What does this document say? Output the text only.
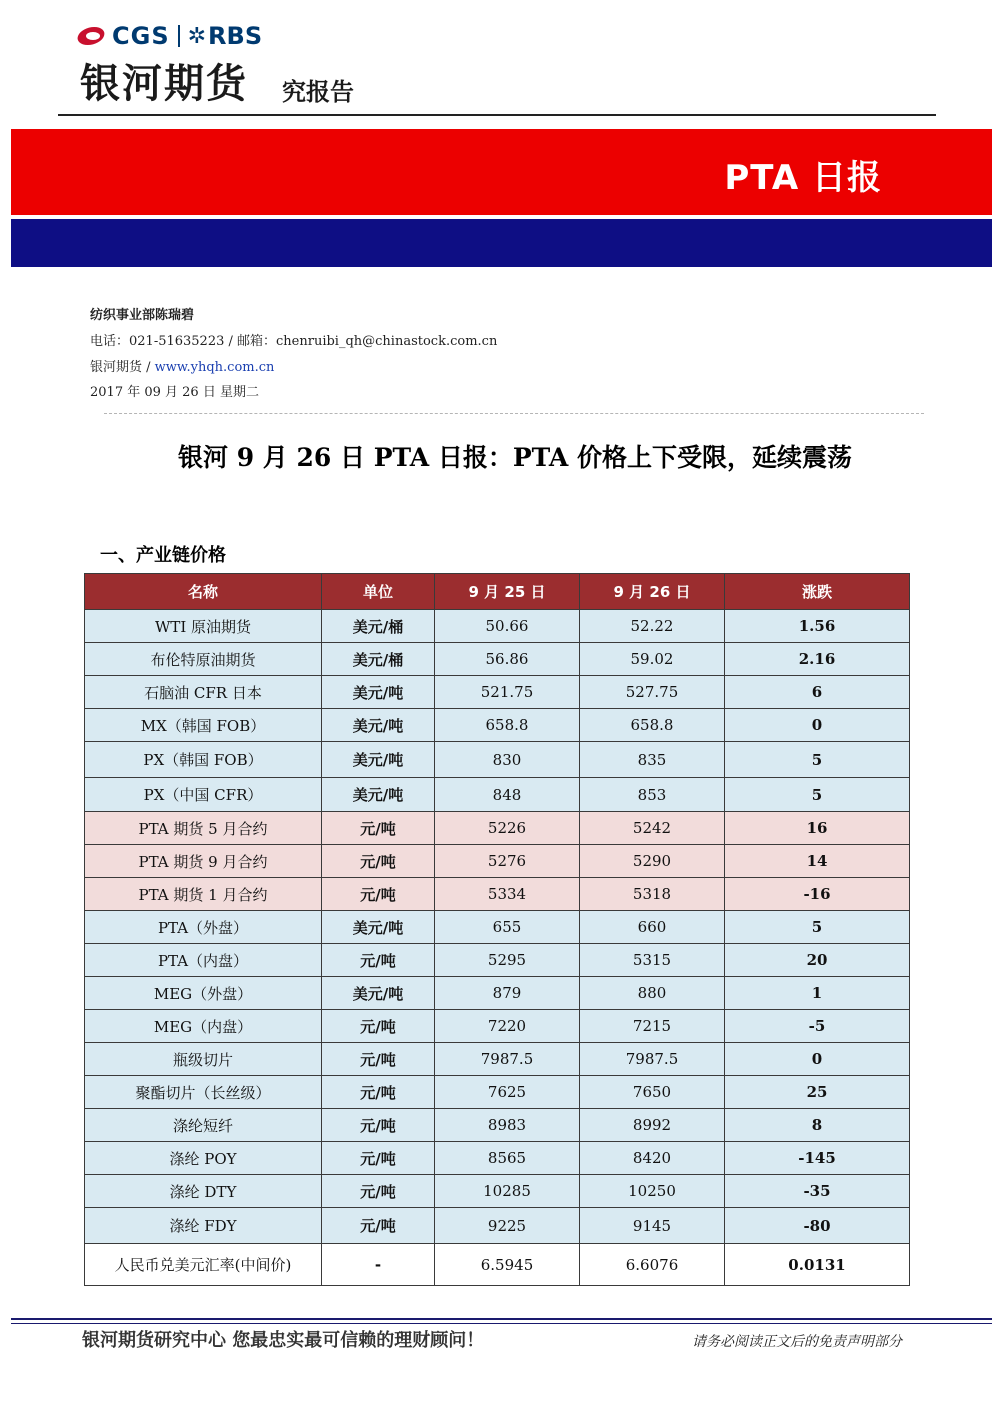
CGS ✲ RBS
银河期货 究报告
PTA 日报
纺织事业部陈瑞碧
电话：021-51635223 / 邮箱：chenruibi_qh@chinastock.com.cn
银河期货 / www.yhqh.com.cn
2017 年 09 月 26 日 星期二
银河 9 月 26 日 PTA 日报：PTA 价格上下受限，延续震荡
一、产业链价格
名称	单位	9 月 25 日	9 月 26 日	涨跌
WTI 原油期货	美元/桶	50.66	52.22	1.56
布伦特原油期货	美元/桶	56.86	59.02	2.16
石脑油 CFR 日本	美元/吨	521.75	527.75	6
MX（韩国 FOB）	美元/吨	658.8	658.8	0
PX（韩国 FOB）	美元/吨	830	835	5
PX（中国 CFR）	美元/吨	848	853	5
PTA 期货 5 月合约	元/吨	5226	5242	16
PTA 期货 9 月合约	元/吨	5276	5290	14
PTA 期货 1 月合约	元/吨	5334	5318	-16
PTA（外盘）	美元/吨	655	660	5
PTA（内盘）	元/吨	5295	5315	20
MEG（外盘）	美元/吨	879	880	1
MEG（内盘）	元/吨	7220	7215	-5
瓶级切片	元/吨	7987.5	7987.5	0
聚酯切片（长丝级）	元/吨	7625	7650	25
涤纶短纤	元/吨	8983	8992	8
涤纶 POY	元/吨	8565	8420	-145
涤纶 DTY	元/吨	10285	10250	-35
涤纶 FDY	元/吨	9225	9145	-80
人民币兑美元汇率(中间价)	-	6.5945	6.6076	0.0131
银河期货研究中心 您最忠实最可信赖的理财顾问！	请务必阅读正文后的免责声明部分
